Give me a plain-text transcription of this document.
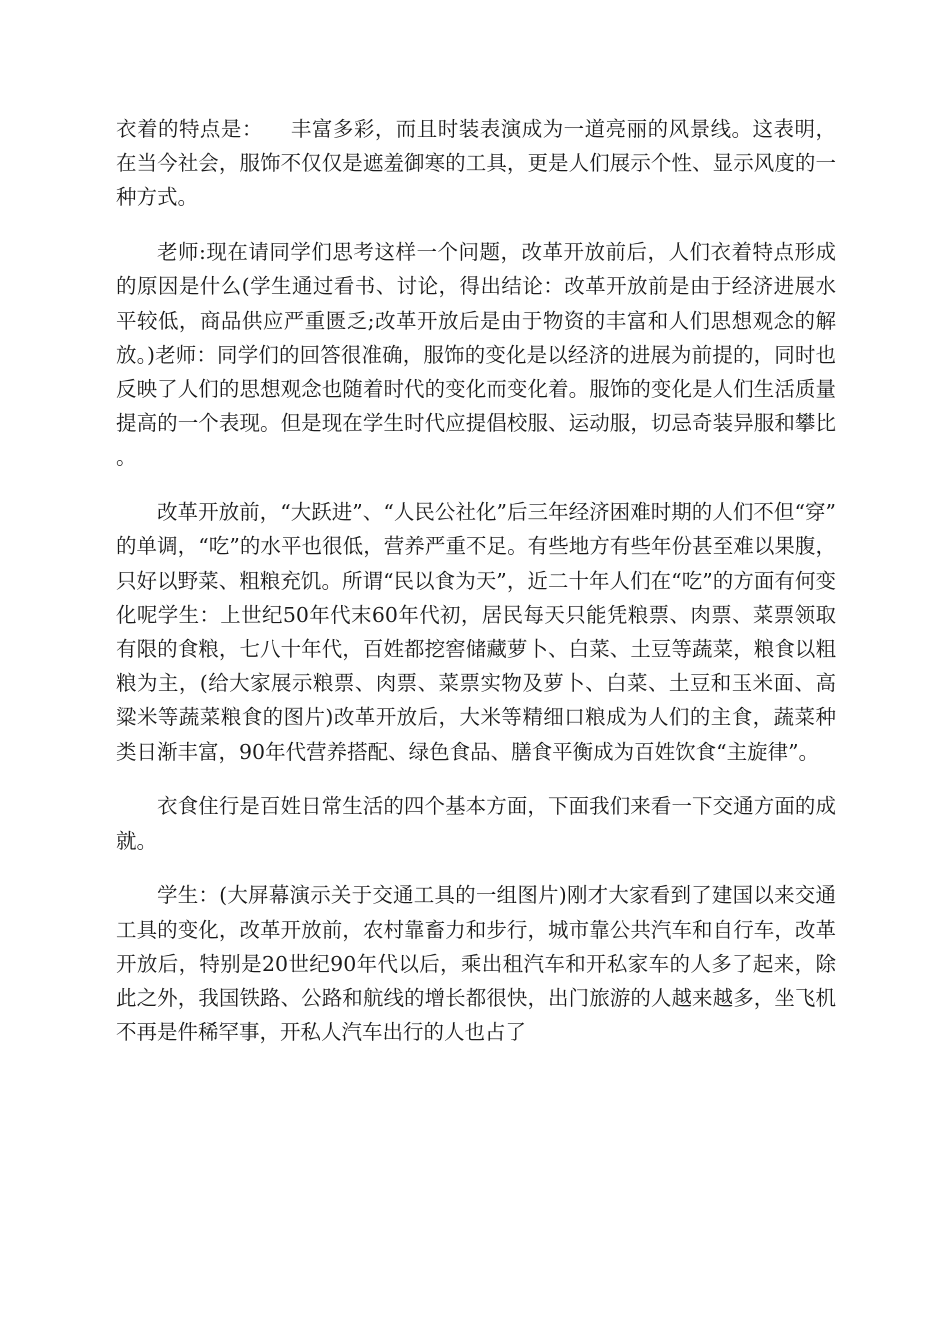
衣着的特点是：    丰富多彩，而且时装表演成为一道亮丽的风景线。这表明，在当今社会，服饰不仅仅是遮羞御寒的工具，更是人们展示个性、显示风度的一种方式。

老师:现在请同学们思考这样一个问题，改革开放前后，人们衣着特点形成的原因是什么(学生通过看书、讨论，得出结论：改革开放前是由于经济进展水平较低，商品供应严重匮乏;改革开放后是由于物资的丰富和人们思想观念的解放。)老师：同学们的回答很准确，服饰的变化是以经济的进展为前提的，同时也反映了人们的思想观念也随着时代的变化而变化着。服饰的变化是人们生活质量提高的一个表现。但是现在学生时代应提倡校服、运动服，切忌奇装异服和攀比。

改革开放前，“大跃进”、“人民公社化”后三年经济困难时期的人们不但“穿”的单调，“吃”的水平也很低，营养严重不足。有些地方有些年份甚至难以果腹，只好以野菜、粗粮充饥。所谓“民以食为天”，近二十年人们在“吃”的方面有何变化呢学生：上世纪50年代末60年代初，居民每天只能凭粮票、肉票、菜票领取有限的食粮，七八十年代，百姓都挖窖储藏萝卜、白菜、土豆等蔬菜，粮食以粗粮为主，(给大家展示粮票、肉票、菜票实物及萝卜、白菜、土豆和玉米面、高粱米等蔬菜粮食的图片)改革开放后，大米等精细口粮成为人们的主食，蔬菜种类日渐丰富，90年代营养搭配、绿色食品、膳食平衡成为百姓饮食“主旋律”。

衣食住行是百姓日常生活的四个基本方面，下面我们来看一下交通方面的成就。

学生：(大屏幕演示关于交通工具的一组图片)刚才大家看到了建国以来交通工具的变化，改革开放前，农村靠畜力和步行，城市靠公共汽车和自行车，改革开放后，特别是20世纪90年代以后，乘出租汽车和开私家车的人多了起来，除此之外，我国铁路、公路和航线的增长都很快，出门旅游的人越来越多，坐飞机不再是件稀罕事，开私人汽车出行的人也占了
